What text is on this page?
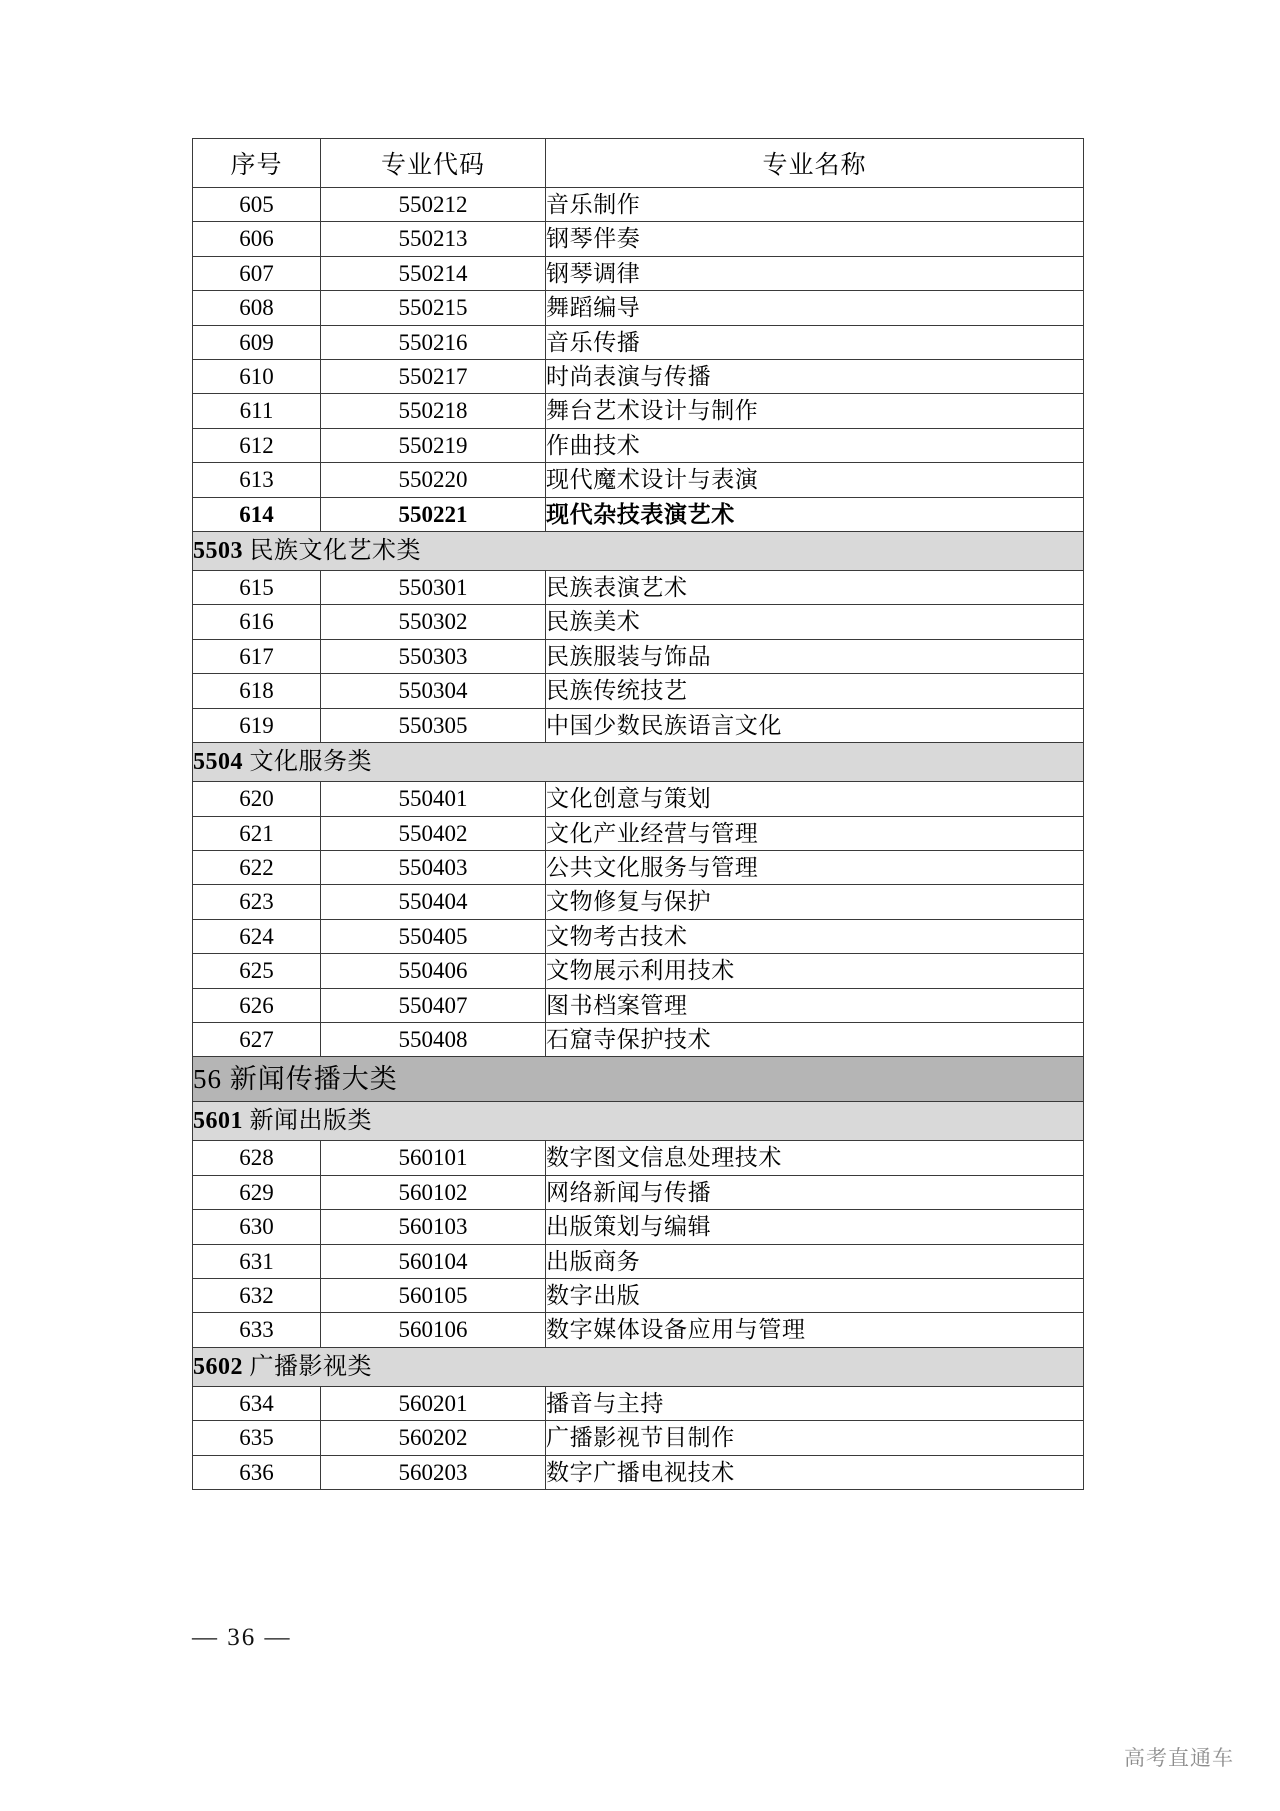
序号	专业代码	专业名称
605	550212	音乐制作
606	550213	钢琴伴奏
607	550214	钢琴调律
608	550215	舞蹈编导
609	550216	音乐传播
610	550217	时尚表演与传播
611	550218	舞台艺术设计与制作
612	550219	作曲技术
613	550220	现代魔术设计与表演
614	550221	现代杂技表演艺术
5503 民族文化艺术类		
615	550301	民族表演艺术
616	550302	民族美术
617	550303	民族服装与饰品
618	550304	民族传统技艺
619	550305	中国少数民族语言文化
5504 文化服务类		
620	550401	文化创意与策划
621	550402	文化产业经营与管理
622	550403	公共文化服务与管理
623	550404	文物修复与保护
624	550405	文物考古技术
625	550406	文物展示利用技术
626	550407	图书档案管理
627	550408	石窟寺保护技术
56 新闻传播大类		
5601 新闻出版类		
628	560101	数字图文信息处理技术
629	560102	网络新闻与传播
630	560103	出版策划与编辑
631	560104	出版商务
632	560105	数字出版
633	560106	数字媒体设备应用与管理
5602 广播影视类		
634	560201	播音与主持
635	560202	广播影视节目制作
636	560203	数字广播电视技术
— 36 —
高考直通车
